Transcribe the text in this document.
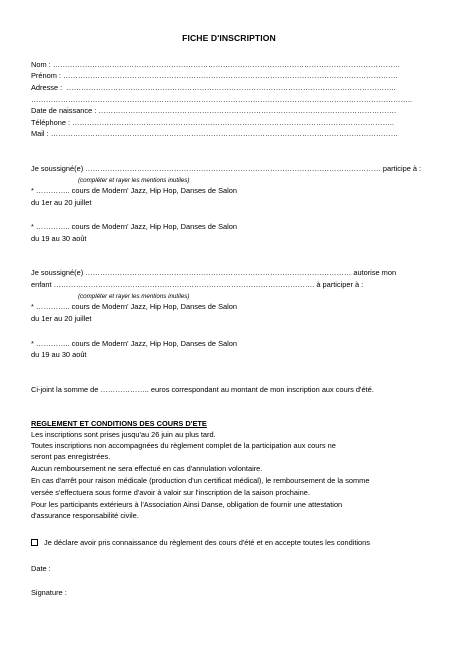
FICHE D'INSCRIPTION
Nom : ……………………………………………………………………………………………………………………………
Prénom : ……………………………………………………………………………………………………………………….
Adresse :  ……………………………………………………………………………………………………………………..
………………………………………………………………………………………………………………………………………..
Date de naissance : ………………………………………………………………………………………………………….
Téléphone : …………………………………………………………………………………………………………………..
Mail : ……………………………………………………………………………………………………………………………
Je soussigné(e) ………………………………………………………………………………………………………… participe à :
(compléter et rayer les mentions inutiles)
* ………….. cours de Modern' Jazz, Hip Hop, Danses de Salon
du 1er au 20 juillet
* ………….. cours de Modern' Jazz, Hip Hop, Danses de Salon
du 19 au 30 août
Je soussigné(e) ……………………………………………………………………………………………… autorise mon
enfant ……………………………………………………………………………………………. à participer à :
(compléter et rayer les mentions inutiles)
* ………….. cours de Modern' Jazz, Hip Hop, Danses de Salon
du 1er au 20 juillet
* ………….. cours de Modern' Jazz, Hip Hop, Danses de Salon
du 19 au 30 août
Ci-joint la somme de ……………….. euros correspondant au montant de mon inscription aux cours d'été.
REGLEMENT ET CONDITIONS DES COURS D'ETE
Les inscriptions sont prises jusqu'au 26 juin au plus tard.
Toutes inscriptions non accompagnées du règlement complet de la participation aux cours ne
seront pas enregistrées.
Aucun remboursement ne sera effectué en cas d'annulation volontaire.
En cas d'arrêt pour raison médicale (production d'un certificat médical), le remboursement de la somme
versée s'effectuera sous forme d'avoir à valoir sur l'inscription de la saison prochaine.
Pour les participants extérieurs à l'Association Ainsi Danse, obligation de fournir une attestation
d'assurance responsabilité civile.
Je déclare avoir pris connaissance du règlement des cours d'été et en accepte toutes les conditions
Date :
Signature :
